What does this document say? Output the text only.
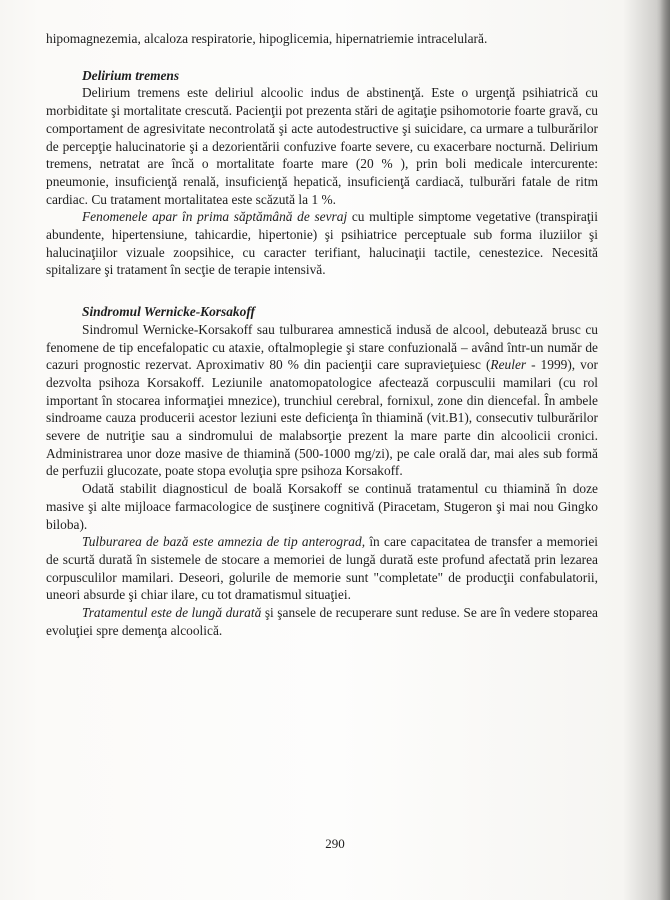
hipomagnezemia, alcaloza respiratorie, hipoglicemia, hipernatriemie intracelulară.

Delirium tremens

Delirium tremens este deliriul alcoolic indus de abstinenţă. Este o urgenţă psihiatrică cu morbiditate şi mortalitate crescută. Pacienţii pot prezenta stări de agitaţie psihomotorie foarte gravă, cu comportament de agresivitate necontrolată şi acte autodestructive şi suicidare, ca urmare a tulburărilor de percepţie halucinatorie şi a dezorientării confuzive foarte severe, cu exacerbare nocturnă. Delirium tremens, netratat are încă o mortalitate foarte mare (20 % ), prin boli medicale intercurente: pneumonie, insuficienţă renală, insuficienţă hepatică, insuficienţă cardiacă, tulburări fatale de ritm cardiac. Cu tratament mortalitatea este scăzută la 1 %.

Fenomenele apar în prima săptămână de sevraj cu multiple simptome vegetative (transpiraţii abundente, hipertensiune, tahicardie, hipertonie) şi psihiatrice perceptuale sub forma iluziilor şi halucinaţiilor vizuale zoopsihice, cu caracter terifiant, halucinaţii tactile, cenestezice. Necesită spitalizare şi tratament în secţie de terapie intensivă.

Sindromul Wernicke-Korsakoff

Sindromul Wernicke-Korsakoff sau tulburarea amnestică indusă de alcool, debutează brusc cu fenomene de tip encefalopatic cu ataxie, oftalmoplegie şi stare confuzională – având într-un număr de cazuri prognostic rezervat. Aproximativ 80 % din pacienţii care supravieţuiesc (Reuler - 1999), vor dezvolta psihoza Korsakoff. Leziunile anatomopatologice afectează corpusculii mamilari (cu rol important în stocarea informaţiei mnezice), trunchiul cerebral, fornixul, zone din diencefal. În ambele sindroame cauza producerii acestor leziuni este deficienţa în thiamină (vit.B1), consecutiv tulburărilor severe de nutriţie sau a sindromului de malabsorţie prezent la mare parte din alcoolicii cronici. Administrarea unor doze masive de thiamină (500-1000 mg/zi), pe cale orală dar, mai ales sub formă de perfuzii glucozate, poate stopa evoluţia spre psihoza Korsakoff.

Odată stabilit diagnosticul de boală Korsakoff se continuă tratamentul cu thiamină în doze masive şi alte mijloace farmacologice de susţinere cognitivă (Piracetam, Stugeron şi mai nou Gingko biloba).

Tulburarea de bază este amnezia de tip anterograd, în care capacitatea de transfer a memoriei de scurtă durată în sistemele de stocare a memoriei de lungă durată este profund afectată prin lezarea corpusculilor mamilari. Deseori, golurile de memorie sunt "completate" de producţii confabulatorii, uneori absurde şi chiar ilare, cu tot dramatismul situaţiei.

Tratamentul este de lungă durată şi şansele de recuperare sunt reduse. Se are în vedere stoparea evoluţiei spre demenţa alcoolică.

290
